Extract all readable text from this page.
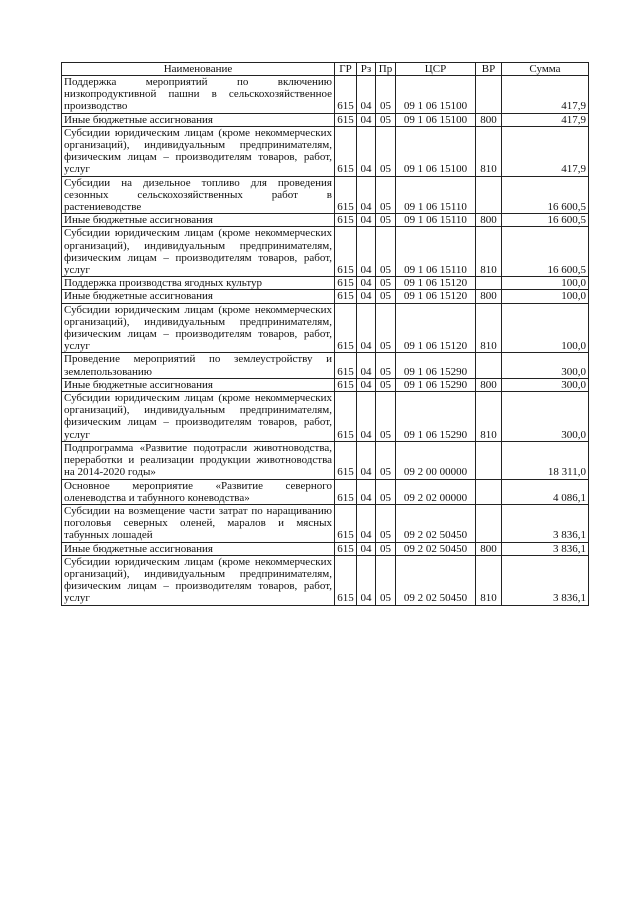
Наименование	ГР	Рз	Пр	ЦСР	ВР	Сумма
Поддержка мероприятий по включению низкопродуктивной пашни в сельскохозяйственное производство	615	04	05	09 1 06 15100		417,9
Иные бюджетные ассигнования	615	04	05	09 1 06 15100	800	417,9
Субсидии юридическим лицам (кроме некоммерческих организаций), индивидуальным предпринимателям, физическим лицам – производителям товаров, работ, услуг	615	04	05	09 1 06 15100	810	417,9
Субсидии на дизельное топливо для проведения сезонных сельскохозяйственных работ в растениеводстве	615	04	05	09 1 06 15110		16 600,5
Иные бюджетные ассигнования	615	04	05	09 1 06 15110	800	16 600,5
Субсидии юридическим лицам (кроме некоммерческих организаций), индивидуальным предпринимателям, физическим лицам – производителям товаров, работ, услуг	615	04	05	09 1 06 15110	810	16 600,5
Поддержка производства ягодных культур	615	04	05	09 1 06 15120		100,0
Иные бюджетные ассигнования	615	04	05	09 1 06 15120	800	100,0
Субсидии юридическим лицам (кроме некоммерческих организаций), индивидуальным предпринимателям, физическим лицам – производителям товаров, работ, услуг	615	04	05	09 1 06 15120	810	100,0
Проведение мероприятий по землеустройству и землепользованию	615	04	05	09 1 06 15290		300,0
Иные бюджетные ассигнования	615	04	05	09 1 06 15290	800	300,0
Субсидии юридическим лицам (кроме некоммерческих организаций), индивидуальным предпринимателям, физическим лицам – производителям товаров, работ, услуг	615	04	05	09 1 06 15290	810	300,0
Подпрограмма «Развитие подотрасли животноводства, переработки и реализации продукции животноводства на 2014-2020 годы»	615	04	05	09 2 00 00000		18 311,0
Основное мероприятие «Развитие северного оленеводства и табунного коневодства»	615	04	05	09 2 02 00000		4 086,1
Субсидии на возмещение части затрат по наращиванию поголовья северных оленей, маралов и мясных табунных лошадей	615	04	05	09 2 02 50450		3 836,1
Иные бюджетные ассигнования	615	04	05	09 2 02 50450	800	3 836,1
Субсидии юридическим лицам (кроме некоммерческих организаций), индивидуальным предпринимателям, физическим лицам – производителям товаров, работ, услуг	615	04	05	09 2 02 50450	810	3 836,1
